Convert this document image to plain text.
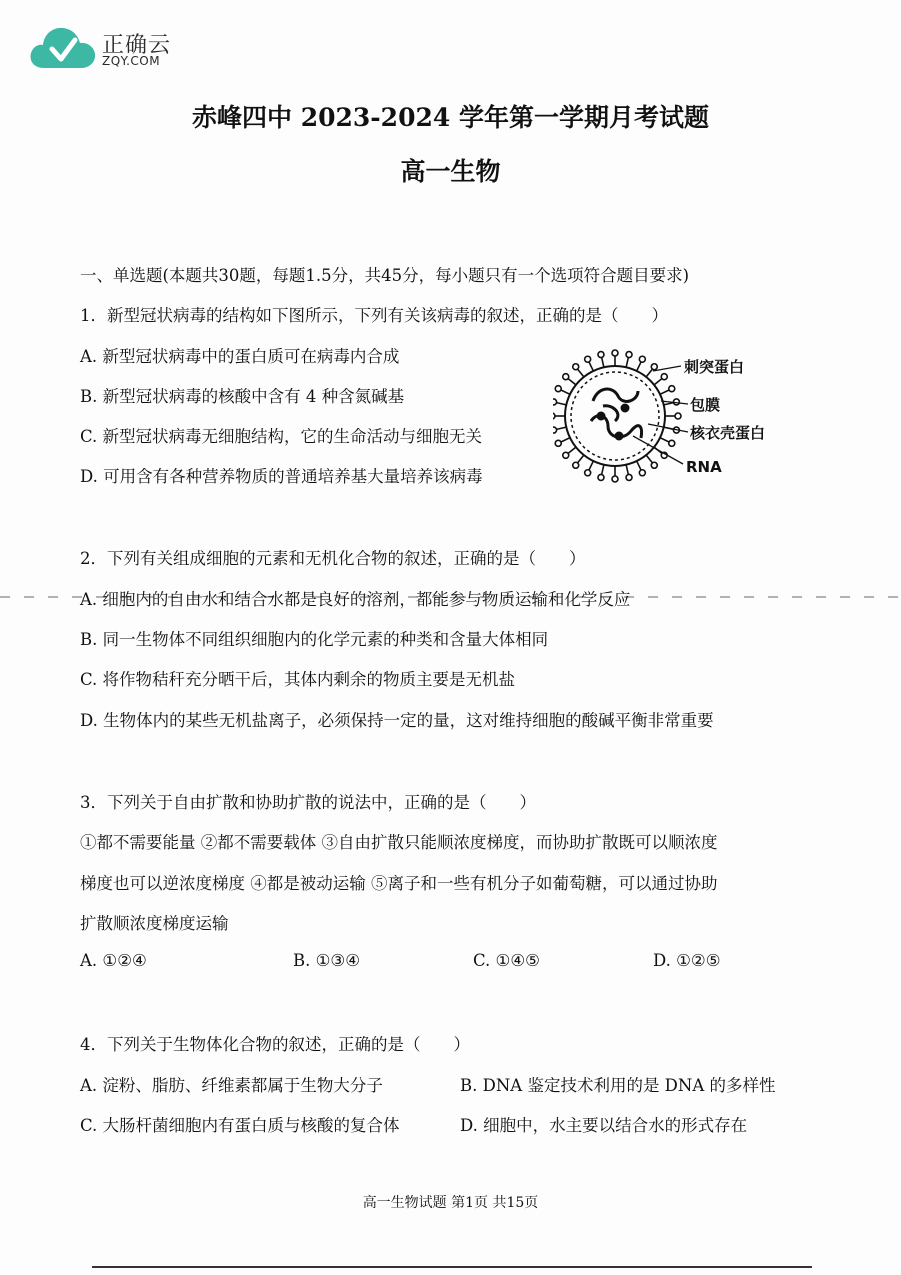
正确云
ZQY.COM
赤峰四中 2023-2024 学年第一学期月考试题
高一生物
一、单选题(本题共30题，每题1.5分，共45分，每小题只有一个选项符合题目要求)
1．新型冠状病毒的结构如下图所示，下列有关该病毒的叙述，正确的是（　　）
A. 新型冠状病毒中的蛋白质可在病毒内合成
B. 新型冠状病毒的核酸中含有 4 种含氮碱基
C. 新型冠状病毒无细胞结构，它的生命活动与细胞无关
D. 可用含有各种营养物质的普通培养基大量培养该病毒
刺突蛋白
包膜
核衣壳蛋白
RNA
2．下列有关组成细胞的元素和无机化合物的叙述，正确的是（　　）
A. 细胞内的自由水和结合水都是良好的溶剂，都能参与物质运输和化学反应
B. 同一生物体不同组织细胞内的化学元素的种类和含量大体相同
C. 将作物秸秆充分晒干后，其体内剩余的物质主要是无机盐
D. 生物体内的某些无机盐离子，必须保持一定的量，这对维持细胞的酸碱平衡非常重要
3．下列关于自由扩散和协助扩散的说法中，正确的是（　　）
①都不需要能量 ②都不需要载体 ③自由扩散只能顺浓度梯度，而协助扩散既可以顺浓度
梯度也可以逆浓度梯度 ④都是被动运输 ⑤离子和一些有机分子如葡萄糖，可以通过协助
扩散顺浓度梯度运输
A. ①②④	B. ①③④	C. ①④⑤	D. ①②⑤
4．下列关于生物体化合物的叙述，正确的是（　　）
A. 淀粉、脂肪、纤维素都属于生物大分子	B. DNA 鉴定技术利用的是 DNA 的多样性
C. 大肠杆菌细胞内有蛋白质与核酸的复合体	D. 细胞中，水主要以结合水的形式存在
高一生物试题 第1页 共15页
